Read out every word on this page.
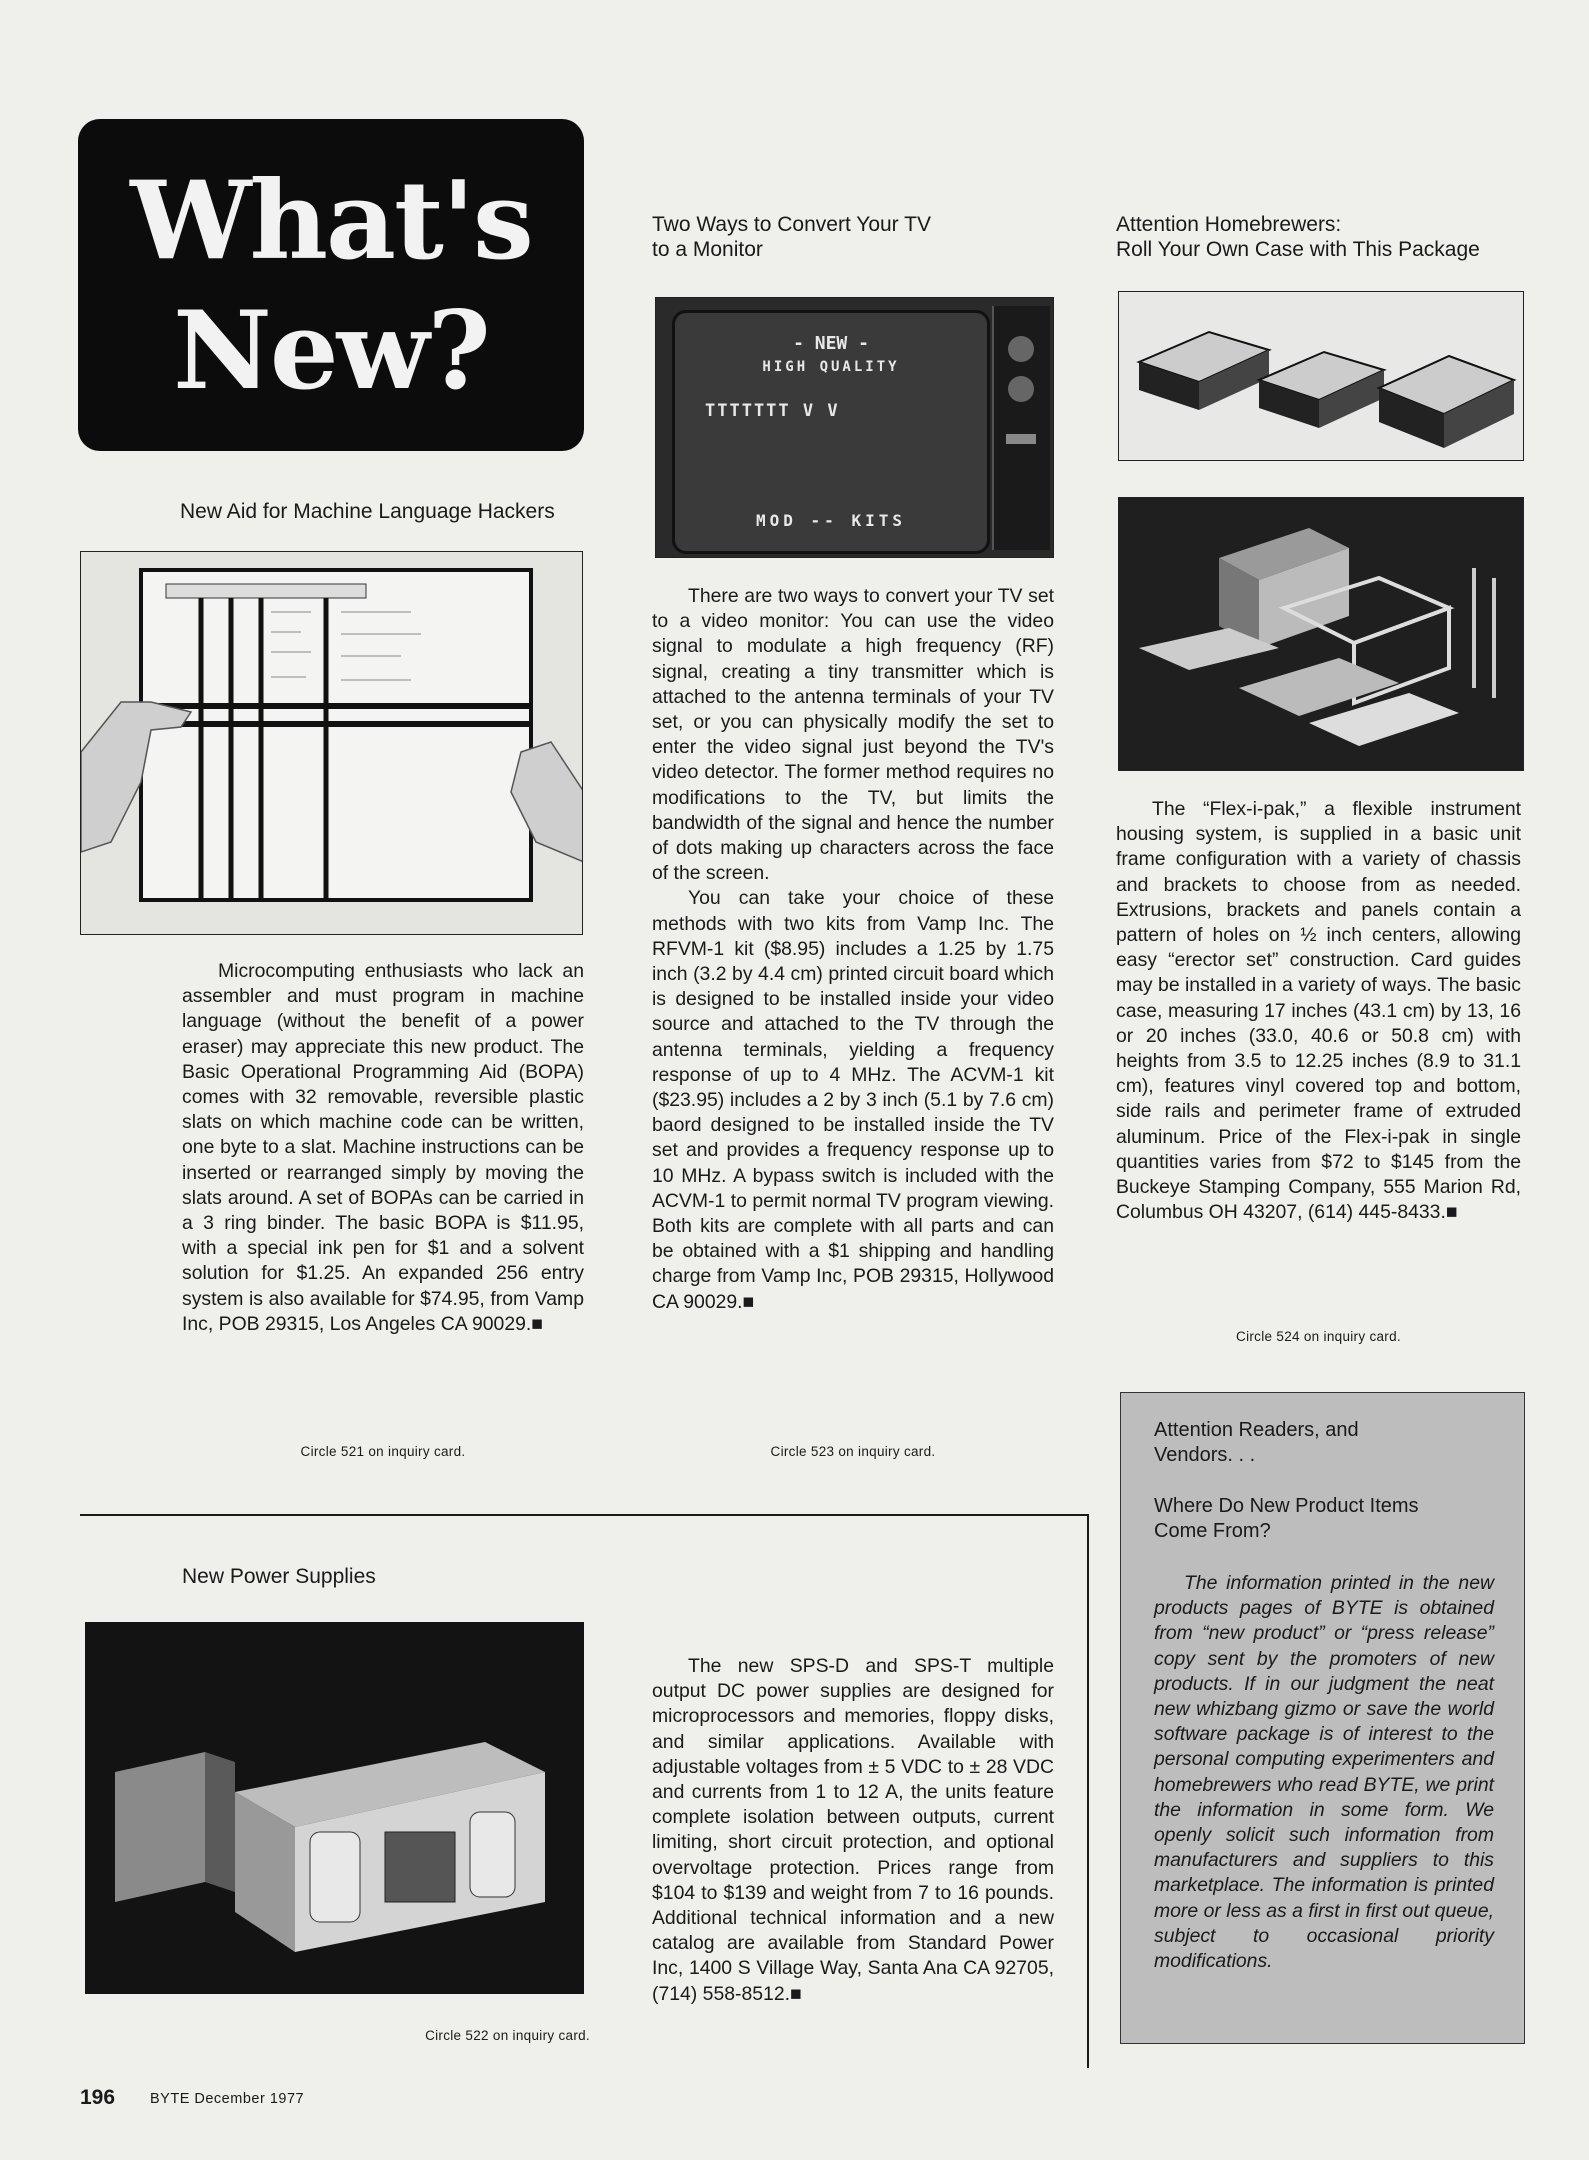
What's
New?
New Aid for Machine Language Hackers

Microcomputing enthusiasts who lack an assembler and must program in machine language (without the benefit of a power eraser) may appreciate this new product. The Basic Operational Programming Aid (BOPA) comes with 32 removable, reversible plastic slats on which machine code can be written, one byte to a slat. Machine instructions can be inserted or rearranged simply by moving the slats around. A set of BOPAs can be carried in a 3 ring binder. The basic BOPA is $11.95, with a special ink pen for $1 and a solvent solution for $1.25. An expanded 256 entry system is also available for $74.95, from Vamp Inc, POB 29315, Los Angeles CA 90029.■

Circle 521 on inquiry card.
Two Ways to Convert Your TV
to a Monitor
- NEW -
HIGH QUALITY
TTTTTTT V V
MOD -- KITS

There are two ways to convert your TV set to a video monitor: You can use the video signal to modulate a high frequency (RF) signal, creating a tiny transmitter which is attached to the antenna terminals of your TV set, or you can physically modify the set to enter the video signal just beyond the TV's video detector. The former method requires no modifications to the TV, but limits the bandwidth of the signal and hence the number of dots making up characters across the face of the screen.

You can take your choice of these methods with two kits from Vamp Inc. The RFVM-1 kit ($8.95) includes a 1.25 by 1.75 inch (3.2 by 4.4 cm) printed circuit board which is designed to be installed inside your video source and attached to the TV through the antenna terminals, yielding a frequency response of up to 4 MHz. The ACVM-1 kit ($23.95) includes a 2 by 3 inch (5.1 by 7.6 cm) baord designed to be installed inside the TV set and provides a frequency response up to 10 MHz. A bypass switch is included with the ACVM-1 to permit normal TV program viewing. Both kits are complete with all parts and can be obtained with a $1 shipping and handling charge from Vamp Inc, POB 29315, Hollywood CA 90029.■

Circle 523 on inquiry card.
Attention Homebrewers:
Roll Your Own Case with This Package

The “Flex-i-pak,” a flexible instrument housing system, is supplied in a basic unit frame configuration with a variety of chassis and brackets to choose from as needed. Extrusions, brackets and panels contain a pattern of holes on ½ inch centers, allowing easy “erector set” construction. Card guides may be installed in a variety of ways. The basic case, measuring 17 inches (43.1 cm) by 13, 16 or 20 inches (33.0, 40.6 or 50.8 cm) with heights from 3.5 to 12.25 inches (8.9 to 31.1 cm), features vinyl covered top and bottom, side rails and perimeter frame of extruded aluminum. Price of the Flex-i-pak in single quantities varies from $72 to $145 from the Buckeye Stamping Company, 555 Marion Rd, Columbus OH 43207, (614) 445-8433.■

Circle 524 on inquiry card.
New Power Supplies

The new SPS-D and SPS-T multiple output DC power supplies are designed for microprocessors and memories, floppy disks, and similar applications. Available with adjustable voltages from ± 5 VDC to ± 28 VDC and currents from 1 to 12 A, the units feature complete isolation between outputs, current limiting, short circuit protection, and optional overvoltage protection. Prices range from $104 to $139 and weight from 7 to 16 pounds. Additional technical information and a new catalog are available from Standard Power Inc, 1400 S Village Way, Santa Ana CA 92705, (714) 558-8512.■

Circle 522 on inquiry card.
Attention Readers, and
Vendors. . .
Where Do New Product Items
Come From?

The information printed in the new products pages of BYTE is obtained from “new product” or “press release” copy sent by the promoters of new products. If in our judgment the neat new whizbang gizmo or save the world software package is of interest to the personal computing experimenters and homebrewers who read BYTE, we print the information in some form. We openly solicit such information from manufacturers and suppliers to this marketplace. The information is printed more or less as a first in first out queue, subject to occasional priority modifications.

196 BYTE December 1977
